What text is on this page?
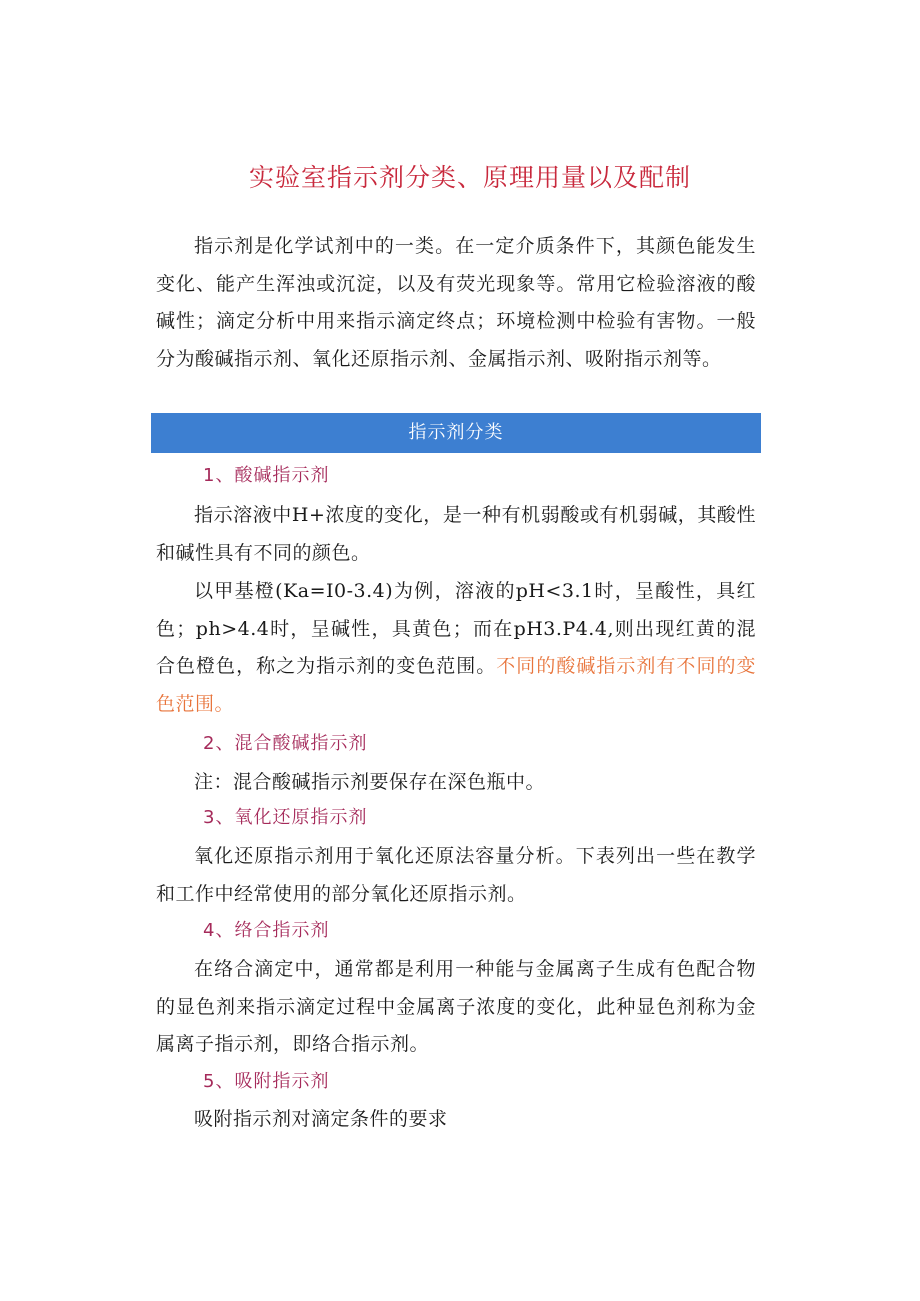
实验室指示剂分类、原理用量以及配制

指示剂是化学试剂中的一类。在一定介质条件下，其颜色能发生变化、能产生浑浊或沉淀，以及有荧光现象等。常用它检验溶液的酸碱性；滴定分析中用来指示滴定终点；环境检测中检验有害物。一般分为酸碱指示剂、氧化还原指示剂、金属指示剂、吸附指示剂等。

指示剂分类

1、酸碱指示剂

指示溶液中H+浓度的变化，是一种有机弱酸或有机弱碱，其酸性和碱性具有不同的颜色。

以甲基橙(Ka=I0-3.4)为例，溶液的pH<3.1时，呈酸性，具红色；ph>4.4时，呈碱性，具黄色；而在pH3.P4.4,则出现红黄的混合色橙色，称之为指示剂的变色范围。不同的酸碱指示剂有不同的变色范围。

2、混合酸碱指示剂

注：混合酸碱指示剂要保存在深色瓶中。

3、氧化还原指示剂

氧化还原指示剂用于氧化还原法容量分析。下表列出一些在教学和工作中经常使用的部分氧化还原指示剂。

4、络合指示剂

在络合滴定中，通常都是利用一种能与金属离子生成有色配合物的显色剂来指示滴定过程中金属离子浓度的变化，此种显色剂称为金属离子指示剂，即络合指示剂。

5、吸附指示剂

吸附指示剂对滴定条件的要求
